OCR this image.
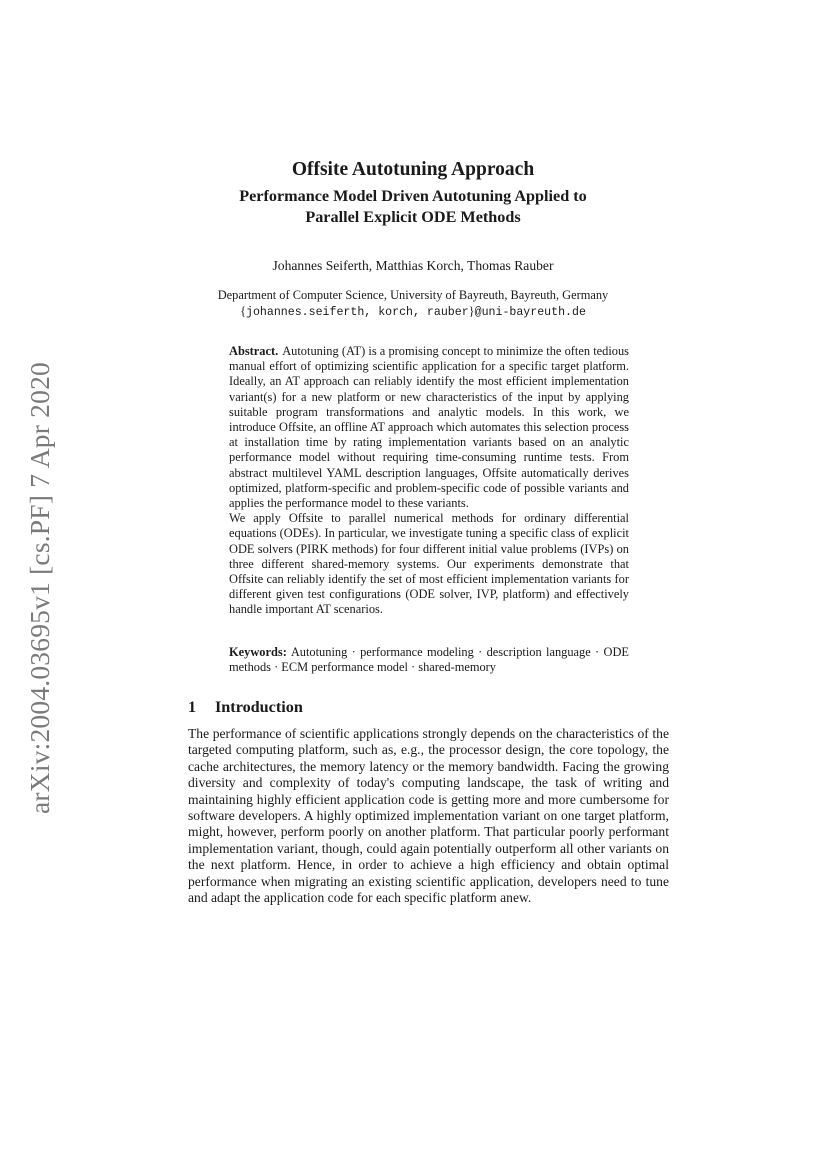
arXiv:2004.03695v1 [cs.PF] 7 Apr 2020
Offsite Autotuning Approach
Performance Model Driven Autotuning Applied to
Parallel Explicit ODE Methods
Johannes Seiferth, Matthias Korch, Thomas Rauber
Department of Computer Science, University of Bayreuth, Bayreuth, Germany
{johannes.seiferth, korch, rauber}@uni-bayreuth.de

Abstract. Autotuning (AT) is a promising concept to minimize the often tedious manual effort of optimizing scientific application for a specific target platform. Ideally, an AT approach can reliably identify the most efficient implementation variant(s) for a new platform or new characteristics of the input by applying suitable program transformations and analytic models. In this work, we introduce Offsite, an offline AT approach which automates this selection process at installation time by rating implementation variants based on an analytic performance model without requiring time-consuming runtime tests. From abstract multilevel YAML description languages, Offsite automatically derives optimized, platform-specific and problem-specific code of possible variants and applies the performance model to these variants.

We apply Offsite to parallel numerical methods for ordinary differential equations (ODEs). In particular, we investigate tuning a specific class of explicit ODE solvers (PIRK methods) for four different initial value problems (IVPs) on three different shared-memory systems. Our experiments demonstrate that Offsite can reliably identify the set of most efficient implementation variants for different given test configurations (ODE solver, IVP, platform) and effectively handle important AT scenarios.

Keywords: Autotuning · performance modeling · description language · ODE methods · ECM performance model · shared-memory
1 Introduction

The performance of scientific applications strongly depends on the characteristics of the targeted computing platform, such as, e.g., the processor design, the core topology, the cache architectures, the memory latency or the memory bandwidth. Facing the growing diversity and complexity of today's computing landscape, the task of writing and maintaining highly efficient application code is getting more and more cumbersome for software developers. A highly optimized implementation variant on one target platform, might, however, perform poorly on another platform. That particular poorly performant implementation variant, though, could again potentially outperform all other variants on the next platform. Hence, in order to achieve a high efficiency and obtain optimal performance when migrating an existing scientific application, developers need to tune and adapt the application code for each specific platform anew.
